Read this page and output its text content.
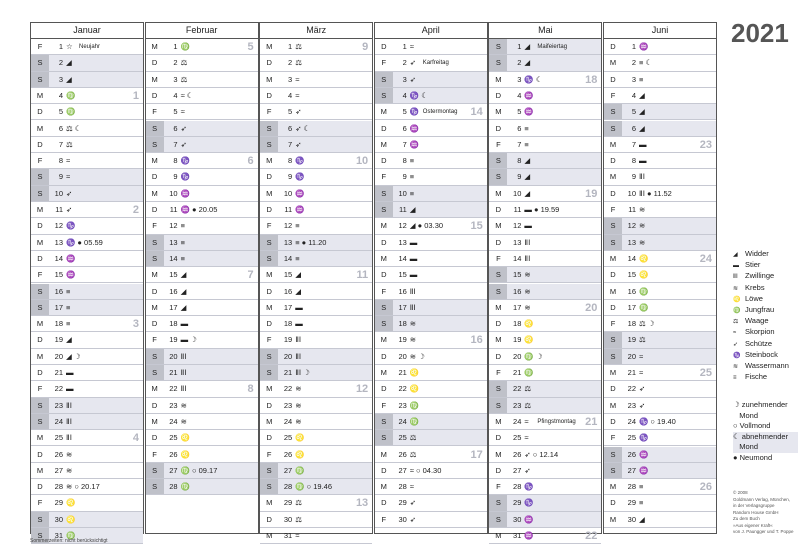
Januar
F	1 ☆ Neujahr
S	2 ◢
S	3 ◢
M	4 ♍	1
D	5 ♍
M	6 ⚖ ☾
D	7 ⚖
F	8 ≈
S	9 ≈
S	10 ➶
M	11 ➶	2
D	12 ♑
M	13 ♑ ● 05.59
D	14 ♒
F	15 ♒
S	16 ≡
S	17 ≡
M	18 ≡	3
D	19 ◢
M	20 ◢ ☽
D	21 ▬
F	22 ▬
S	23 ⅡⅠ
S	24 ⅡⅠ
M	25 ⅡⅠ	4
D	26 ≋
M	27 ≋
D	28 ≋ ○ 20.17
F	29 ♌
S	30 ♌
S	31 ♍
Februar
M	1 ♍	5
D	2 ⚖
M	3 ⚖
D	4 ≈ ☾
F	5 ≈
S	6 ➶
S	7 ➶
M	8 ♑	6
D	9 ♑
M	10 ♒
D	11 ♒ ● 20.05
F	12 ≡
S	13 ≡
S	14 ≡
M	15 ◢	7
D	16 ◢
M	17 ◢
D	18 ▬
F	19 ▬ ☽
S	20 ⅡⅠ
S	21 ⅡⅠ
M	22 ⅡⅠ	8
D	23 ≋
M	24 ≋
D	25 ♌
F	26 ♌
S	27 ♍ ○ 09.17
S	28 ♍
März
M	1 ⚖	9
D	2 ⚖
M	3 ≈
D	4 ≈
F	5 ➶
S	6 ➶ ☾
S	7 ➶
M	8 ♑	10
D	9 ♑
M	10 ♒
D	11 ♒
F	12 ≡
S	13 ≡ ● 11.20
S	14 ≡
M	15 ◢	11
D	16 ◢
M	17 ▬
D	18 ▬
F	19 ⅡⅠ
S	20 ⅡⅠ
S	21 ⅡⅠ ☽
M	22 ≋	12
D	23 ≋
M	24 ≋
D	25 ♌
F	26 ♌
S	27 ♍
S	28 ♍ ○ 19.46
M	29 ⚖	13
D	30 ⚖
M	31 ≈
April
D	1 ≈
F	2 ➶ Karfreitag
S	3 ➶
S	4 ♑ ☾
M	5 ♑ Ostermontag 14
D	6 ♒
M	7 ♒
D	8 ≡
F	9 ≡
S	10 ≡
S	11 ◢
M	12 ◢ ● 03.30	15
D	13 ▬
M	14 ▬
D	15 ▬
F	16 ⅡⅠ
S	17 ⅡⅠ
S	18 ≋
M	19 ≋	16
D	20 ≋ ☽
M	21 ♌
D	22 ♌
F	23 ♍
S	24 ♍
S	25 ⚖
M	26 ⚖	17
D	27 ≈ ○ 04.30
M	28 ≈
D	29 ➶
F	30 ➶
Mai
S	1 ◢ Maifeiertag
S	2 ◢
M	3 ♑ ☾	18
D	4 ♒
M	5 ♒
D	6 ≡
F	7 ≡
S	8 ◢
S	9 ◢
M	10 ◢	19
D	11 ▬ ● 19.59
M	12 ▬
D	13 ⅡⅠ
F	14 ⅡⅠ
S	15 ≋
S	16 ≋
M	17 ≋	20
D	18 ♌
M	19 ♌
D	20 ♍ ☽
F	21 ♍
S	22 ⚖
S	23 ⚖
M	24 ≈ Pfingstmontag 21
D	25 ≈
M	26 ➶ ○ 12.14
D	27 ➶
F	28 ♑
S	29 ♑
S	30 ♒
M	31 ♒	22
Juni
D	1 ♒
M	2 ≡ ☾
D	3 ≡
F	4 ◢
S	5 ◢
S	6 ◢
M	7 ▬	23
D	8 ▬
M	9 ⅡⅠ
D	10 ⅡⅠ ● 11.52
F	11 ≋
S	12 ≋
S	13 ≋
M	14 ♌	24
D	15 ♌
M	16 ♍
D	17 ♍
F	18 ⚖ ☽
S	19 ⚖
S	20 ≈
M	21 ≈	25
D	22 ➶
M	23 ➶
D	24 ♑ ○ 19.40
F	25 ♑
S	26 ♒
S	27 ♒
M	28 ≡	26
D	29 ≡
M	30 ◢
2021
◢ Widder
▬ Stier
ⅡⅠ Zwillinge
≋ Krebs
♌ Löwe
♍ Jungfrau
⚖ Waage
≈ Skorpion
➶ Schütze
♑ Steinbock
≋ Wassermann
≡ Fische
☽ zunehmender
Mond
○ Vollmond
☾ abnehmender
Mond
● Neumond
© 2008
Goldmann Verlag, München,
in der Verlagsgruppe
Random House GmbH
Zu dem Buch
»Aus eigener Kraft«
von J. Paungger und T. Poppe
Sommerzeiten: nicht berücksichtigt
